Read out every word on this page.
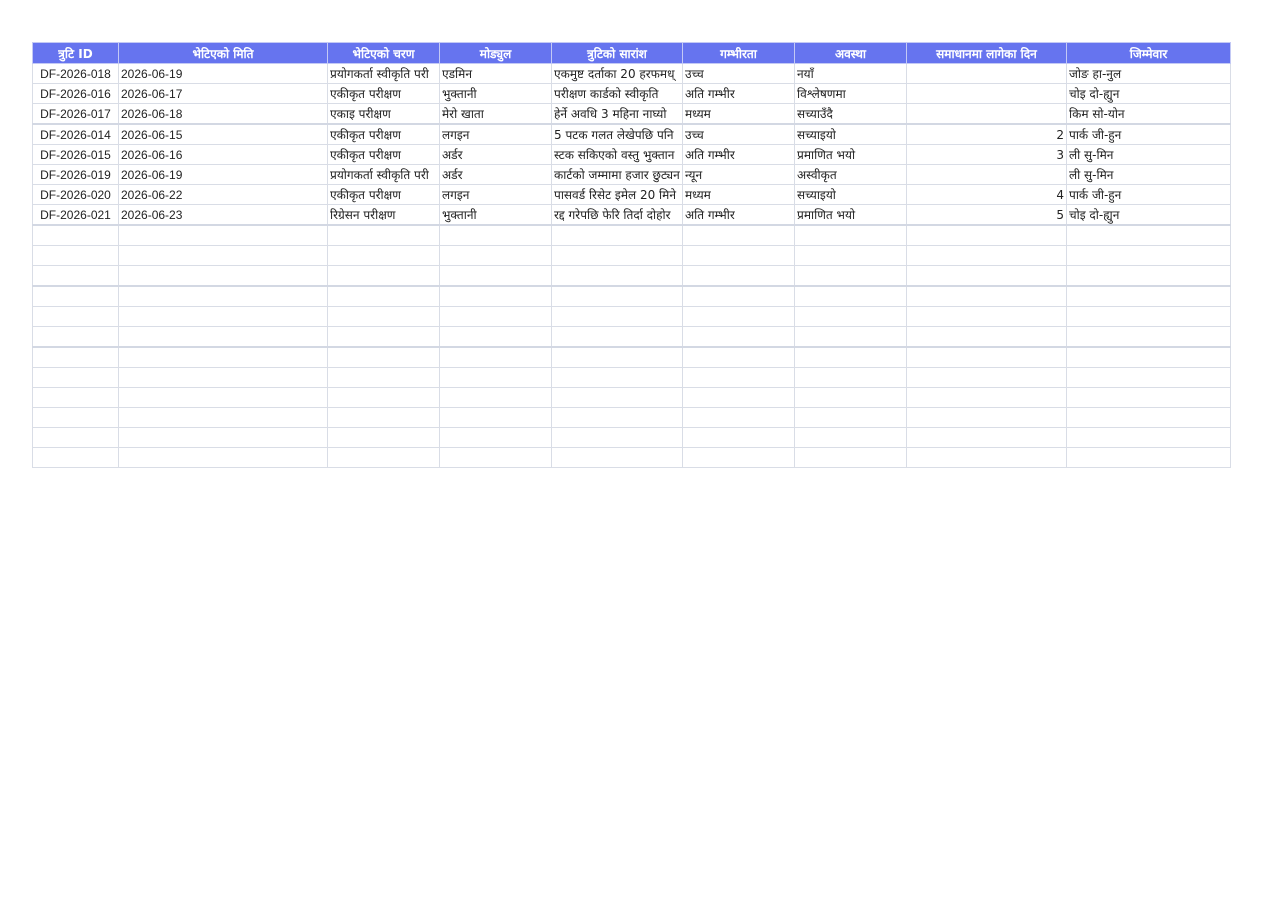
त्रुटि ID	भेटिएको मिति	भेटिएको चरण	मोड्युल	त्रुटिको सारांश	गम्भीरता	अवस्था	समाधानमा लागेका दिन	जिम्मेवार
DF-2026-018	2026-06-19	प्रयोगकर्ता स्वीकृति परी	एडमिन	एकमुष्ट दर्ताका 20 हरफमध्	उच्च	नयाँ		जोङ हा-नुल
DF-2026-016	2026-06-17	एकीकृत परीक्षण	भुक्तानी	परीक्षण कार्डको स्वीकृति	अति गम्भीर	विश्लेषणमा		चोइ दो-ह्युन
DF-2026-017	2026-06-18	एकाइ परीक्षण	मेरो खाता	हेर्ने अवधि 3 महिना नाघ्यो	मध्यम	सच्याउँदै		किम सो-योन
DF-2026-014	2026-06-15	एकीकृत परीक्षण	लगइन	5 पटक गलत लेखेपछि पनि	उच्च	सच्याइयो	2	पार्क जी-हुन
DF-2026-015	2026-06-16	एकीकृत परीक्षण	अर्डर	स्टक सकिएको वस्तु भुक्तान	अति गम्भीर	प्रमाणित भयो	3	ली सु-मिन
DF-2026-019	2026-06-19	प्रयोगकर्ता स्वीकृति परी	अर्डर	कार्टको जम्मामा हजार छुट्यन	न्यून	अस्वीकृत		ली सु-मिन
DF-2026-020	2026-06-22	एकीकृत परीक्षण	लगइन	पासवर्ड रिसेट इमेल 20 मिने	मध्यम	सच्याइयो	4	पार्क जी-हुन
DF-2026-021	2026-06-23	रिग्रेसन परीक्षण	भुक्तानी	रद्द गरेपछि फेरि तिर्दा दोहोर	अति गम्भीर	प्रमाणित भयो	5	चोइ दो-ह्युन
